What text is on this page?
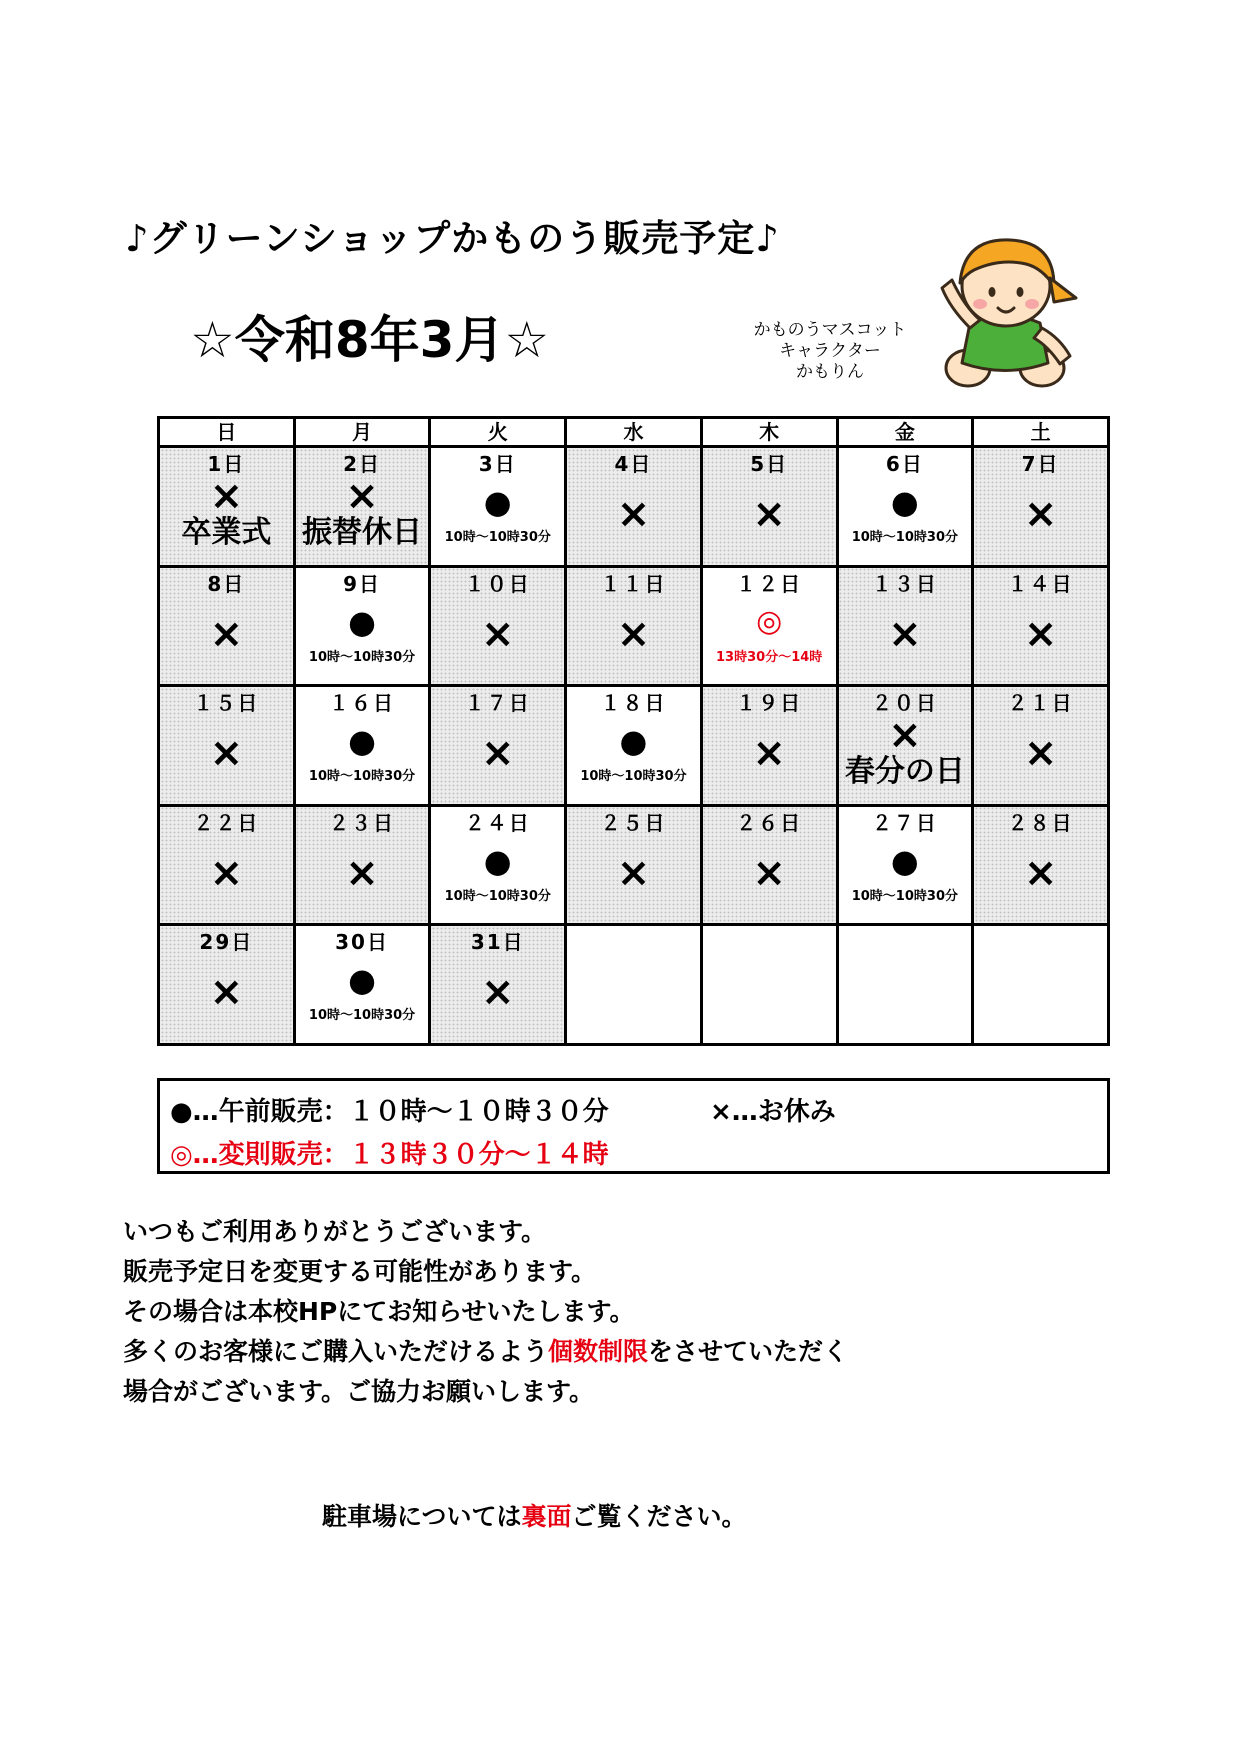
♪グリーンショップかものう販売予定♪
☆令和8年3月☆	かものうマスコット
キャラクター
かもりん
日	月	火	水	木	金	土

1日
×
卒業式	2日
×
振替休日	3日
●
10時～10時30分	4日
×	5日
×	6日
●
10時～10時30分	7日
×

8日
×	9日
●
10時～10時30分	１０日
×	１１日
×	１２日
◎
13時30分～14時	１３日
×	１４日
×

１５日
×	１６日
●
10時～10時30分	１７日
×	１８日
●
10時～10時30分	１９日
×	２０日
×
春分の日	２１日
×

２２日
×	２３日
×	２４日
●
10時～10時30分	２５日
×	２６日
×	２７日
●
10時～10時30分	２８日
×

29日
×	30日
●
10時～10時30分	31日
×				

●…午前販売：１０時～１０時３０分	×…お休み
◎…変則販売：１３時３０分～１４時
いつもご利用ありがとうございます。
販売予定日を変更する可能性があります。
その場合は本校HPにてお知らせいたします。
多くのお客様にご購入いただけるよう個数制限をさせていただく
場合がございます。ご協力お願いします。
駐車場については裏面ご覧ください。
